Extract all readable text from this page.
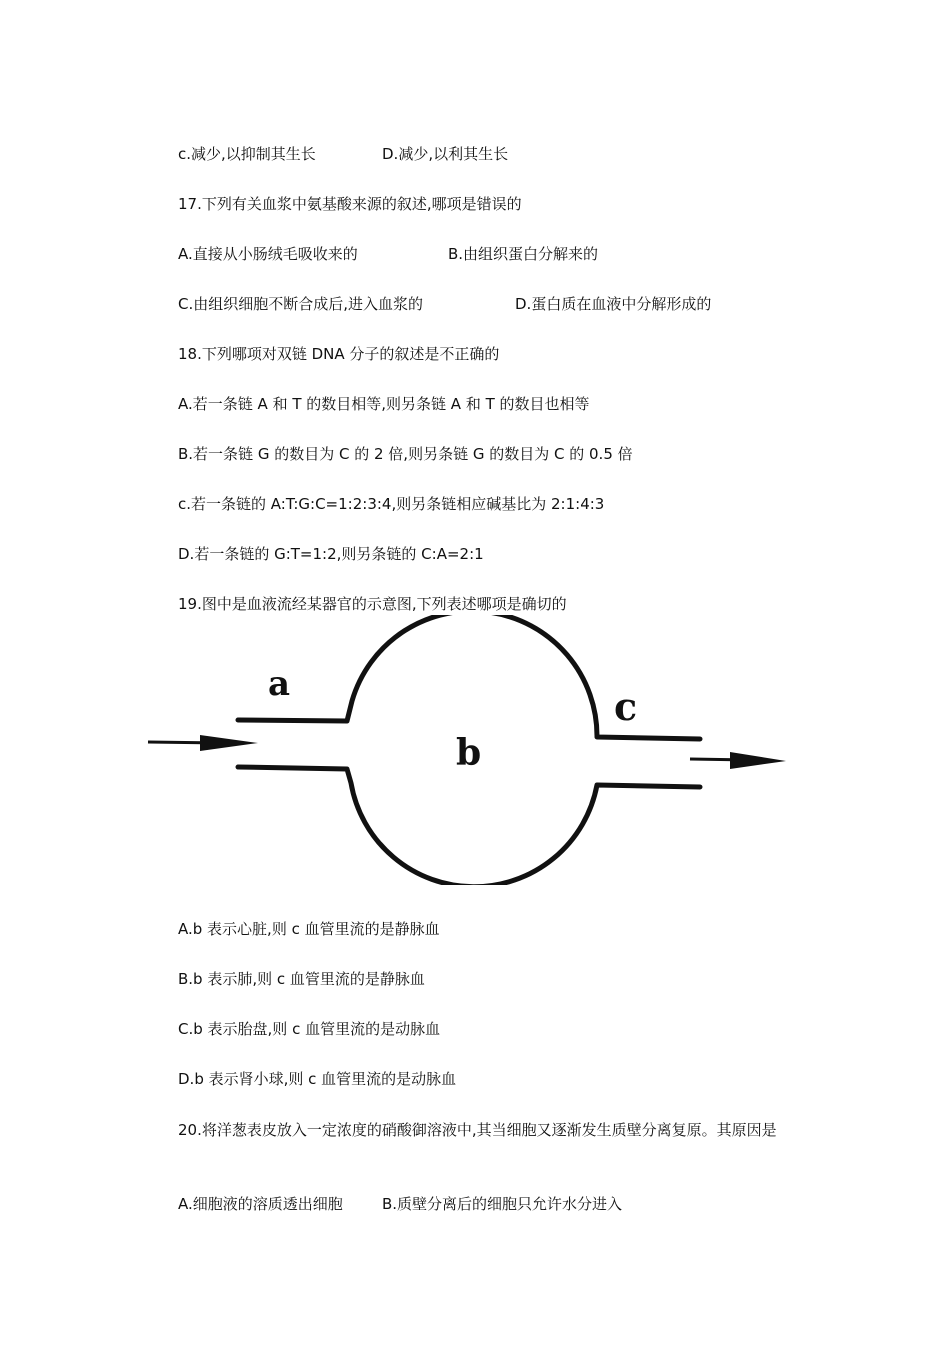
c.减少,以抑制其生长	D.减少,以利其生长
17.下列有关血浆中氨基酸来源的叙述,哪项是错误的
A.直接从小肠绒毛吸收来的	B.由组织蛋白分解来的
C.由组织细胞不断合成后,进入血浆的	D.蛋白质在血液中分解形成的
18.下列哪项对双链 DNA 分子的叙述是不正确的
A.若一条链 A 和 T 的数目相等,则另条链 A 和 T 的数目也相等
B.若一条链 G 的数目为 C 的 2 倍,则另条链 G 的数目为 C 的 0.5 倍
c.若一条链的 A:T:G:C=1:2:3:4,则另条链相应碱基比为 2:1:4:3
D.若一条链的 G:T=1:2,则另条链的 C:A=2:1
19.图中是血液流经某器官的示意图,下列表述哪项是确切的
a
b
c
A.b 表示心脏,则 c 血管里流的是静脉血
B.b 表示肺,则 c 血管里流的是静脉血
C.b 表示胎盘,则 c 血管里流的是动脉血
D.b 表示肾小球,则 c 血管里流的是动脉血
20.将洋葱表皮放入一定浓度的硝酸御溶液中,其当细胞又逐渐发生质壁分离复原。其原因是
A.细胞液的溶质透出细胞	B.质壁分离后的细胞只允许水分进入
